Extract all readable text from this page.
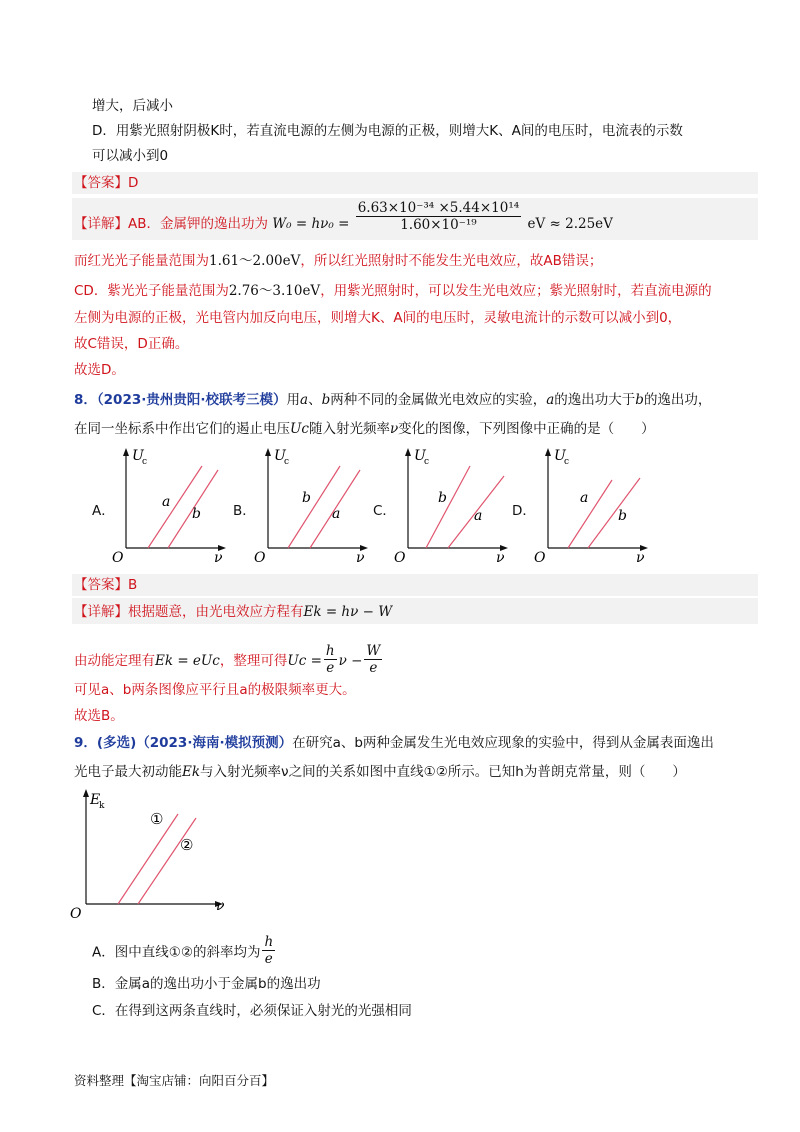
增大，后减小
D．用紫光照射阴极K时，若直流电源的左侧为电源的正极，则增大K、A间的电压时，电流表的示数
可以减小到0
【答案】D
【详解】AB．金属钾的逸出功为 $W_0 = h\nu_0 = \frac{\text{6.63×10⁻³⁴ ×5.44×10¹⁴}}{\text{1.60×10⁻¹⁹}}$ eV ≈ 2.25eV
而红光光子能量范围为1.61～2.00eV，所以红光照射时不能发生光电效应，故AB错误；
CD．紫光光子能量范围为2.76～3.10eV，用紫光照射时，可以发生光电效应；紫光照射时，若直流电源的
左侧为电源的正极，光电管内加反向电压，则增大K、A间的电压时，灵敏电流计的示数可以减小到0，
故C错误，D正确。
故选D。
8．（2023·贵州贵阳·校联考三模）用a、b两种不同的金属做光电效应的实验，a的逸出功大于b的逸出功，
在同一坐标系中作出它们的遏止电压Uc随入射光频率ν变化的图像，下列图像中正确的是（　　）
A．
U
c
O	ν
a
b B．
U
c
O	ν
b
a C．
U
c
O	ν
b
a D．
U
c
O	ν
a
b
【答案】B
【详解】根据题意，由光电效应方程有Ek = hν − W
由动能定理有Ek = eUc，整理可得$Uc = \frac{h}{e}$ $\nu - \frac{W}{e}$
可见a、b两条图像应平行且a的极限频率更大。
故选B。
9．(多选)（2023·海南·模拟预测）在研究a、b两种金属发生光电效应现象的实验中，得到从金属表面逸出
光电子最大初动能Ek与入射光频率ν之间的关系如图中直线①②所示。已知h为普朗克常量，则（　　）
E
k
O	ν
①
②
A．图中直线①②的斜率均为 $\frac{h}{e}$
B．金属a的逸出功小于金属b的逸出功
C．在得到这两条直线时，必须保证入射光的光强相同
资料整理【淘宝店铺：向阳百分百】
